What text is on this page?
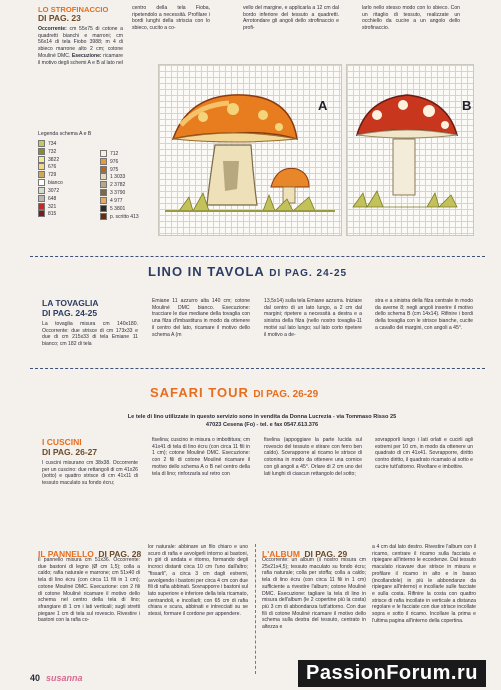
LO STROFINACCIO
DI PAG. 23
Occorrente: cm 55x75 di cotone a quadretti bianchi e marroni; cm 56x14 di tela Fiobo 3988; m 4 di sbieco marrone alto 2 cm; cotone Mouliné DMC. Esecuzione: ricamare il motivo degli schemi A e B al lato nel
centro della tela Fioba, ripetendolo a necessità. Profilare i bordi lunghi della striscia con lo sbieco, cucito a co-
vello del margine, e applicarla a 12 cm dal bordo inferiore del tessuto a quadretti. Arrotondare gli angoli dello strofinaccio e profi-
larlo nello stesso modo con lo sbieco. Con un ritaglio di tessuto, realizzate un occhiello da cucire a un angolo dello strofinaccio.
A	B
Legenda schema A e B
734
732
3822
676
729
bianco
3072
648
321
815
712
976
975
1 3033
2 3782
3 3790
4 977
5 3801
p. scritto 413
LINO IN TAVOLA DI PAG. 24-25
LA TOVAGLIA
DI PAG. 24-25
La tovaglia misura cm 140x180. Occorrente: due strisce di cm 173x33 e due di cm 215x33 di tela Emiane 11 bianco; cm 182 di tela
Emiane 11 azzurro alta 140 cm; cotone Mouliné DMC bianco. Esecuzione: tracciare le due mediane della tovaglia con una filza d'imbastitura in modo da ottenere il centro del lato, ricamare il motivo dello schema A (m
13,5x14) sulla tela Emiane azzurra. Iniziare dal centro di un lato lungo, a 2 cm dal margini; ripetere a necessità a destra e a sinistra della filza (nello nostro tovaglia-11 motivi sul lato lungo; sul lato corto ripetere il motivo a de-
stra e a sinistra della filza centrale in modo da averne 8; negli angoli inserire il motivo dello schema B (cm 14x14). Rifinire i bordi della tovaglia con le strisce bianche, cucite a cavallo dei margini, con angoli a 45°.
SAFARI TOUR DI PAG. 26-29
Le tele di lino utilizzate in questo servizio sono in vendita da Donna Lucrezia - via Tommaso Risso 25
47023 Cesena (Fo) - tel. e fax 0547.613.376
I CUSCINI
DI PAG. 26-27
I cuscini misurano cm 38x38. Occorrente per un cuscino: due rettangoli di cm 41x26 (sotto) e quattro strisce di cm 41x11 di tessuto maculato su fondo écru;
fiselina; cuscino in misura o imbottitura; cm 41x41 di tela di lino écru (con circa 11 fili in 1 cm); cotone Mouliné DMC. Esecuzione: con 2 fili di cotone Mouliné ricamare il motivo dello schema A o B nel centro della tela di lino; rinforzarla sul retro con
fiselina (appoggiare la parte lucida sul rovescio del tessuto e stirare con ferro ben caldo). Sovrapporre al ricamo le strisce di cotonina in modo da ottenere una cornice con gli angoli a 45°. Orlare di 2 cm uno dei lati lunghi di ciascun rettangolo del sotto;
sovrapporli lungo i lati orlati e cucirli agli estremi per 10 cm, in modo da ottenere un quadrato di cm 41x41. Sovrapporre, diritto contro diritto, il quadrato ricamato al sotto e cucire tutt'attorno. Rivoltare e imbottire.
IL PANNELLO DI PAG. 28
Il pannello misura cm 51x36. Occorrente: due bastoni di legno (Ø cm 1,5); colla a caldo; rafia naturale e marrone; cm 51x40 di tela di lino écru (con circa 11 fili in 1 cm); cotone Mouliné DMC. Esecuzione: con 2 fili di cotone Mouliné ricamare il motivo dello schema nel centro della tela di lino; sfrangiare di 1 cm i lati verticali; sugli stretti piegare 1 cm di tela sul rovescio. Rivestire i bastoni con la rafia co-
lor naturale: abbinare un filo chiaro e uno scuro di rafia e avvolgerli intorno ai bastoni, in giri di andata e ritorno, formando degli incroci distanti circa 10 cm l'uno dall'altro; "fissarli", a circa 3 cm dagli estremi, avvolgendo i bastoni per circa 4 cm con due fili di rafia abbinati. Sovrapporre i bastoni sul lato superiore e inferiore della tela ricamato, centrandoli, e incollarli; con 65 cm di rafia chiara e scura, abbinati e intrecciati su se stessi, formare il cordone per appendere.
L'ALBUM DI PAG. 29
Occorrente: un album (il nostro misura cm 25x21x4,5); tessuto maculato su fondo écru; rafia naturale; colla per stoffa; colla a caldo; tela di lino écru (con circa 11 fili in 1 cm) sufficiente a rivestire l'album; cotone Mouliné DMC. Esecuzione: tagliare la tela di lino in misura dell'album (le 2 copertine più la costa) più 3 cm di abbondanza tutt'attorno. Con due fili di cotone Mouliné ricamare il motivo dello schema sulla destra del tessuto, centrato in altezza e
a 4 cm dal lato destro. Rivestire l'album con il ricamo, centrare il ricamo sulla facciata e ripiegare all'interno le eccedenze. Dal tessuto maculato ricavare due strisce in misura e profilare il ricamo in alto e in basso (incollandole) in più le abbondanze da ripiegare all'interno) e incollarle sulle facciate e sulla costa. Rifinire la costa con quattro strisce di rafia incollate in verticale a distanza regolare e le facciate con due strisce incollate sopra e sotto il ricamo. Incollare la prima e l'ultima pagina all'interno della copertina.
40 susanna	PassionForum.ru
